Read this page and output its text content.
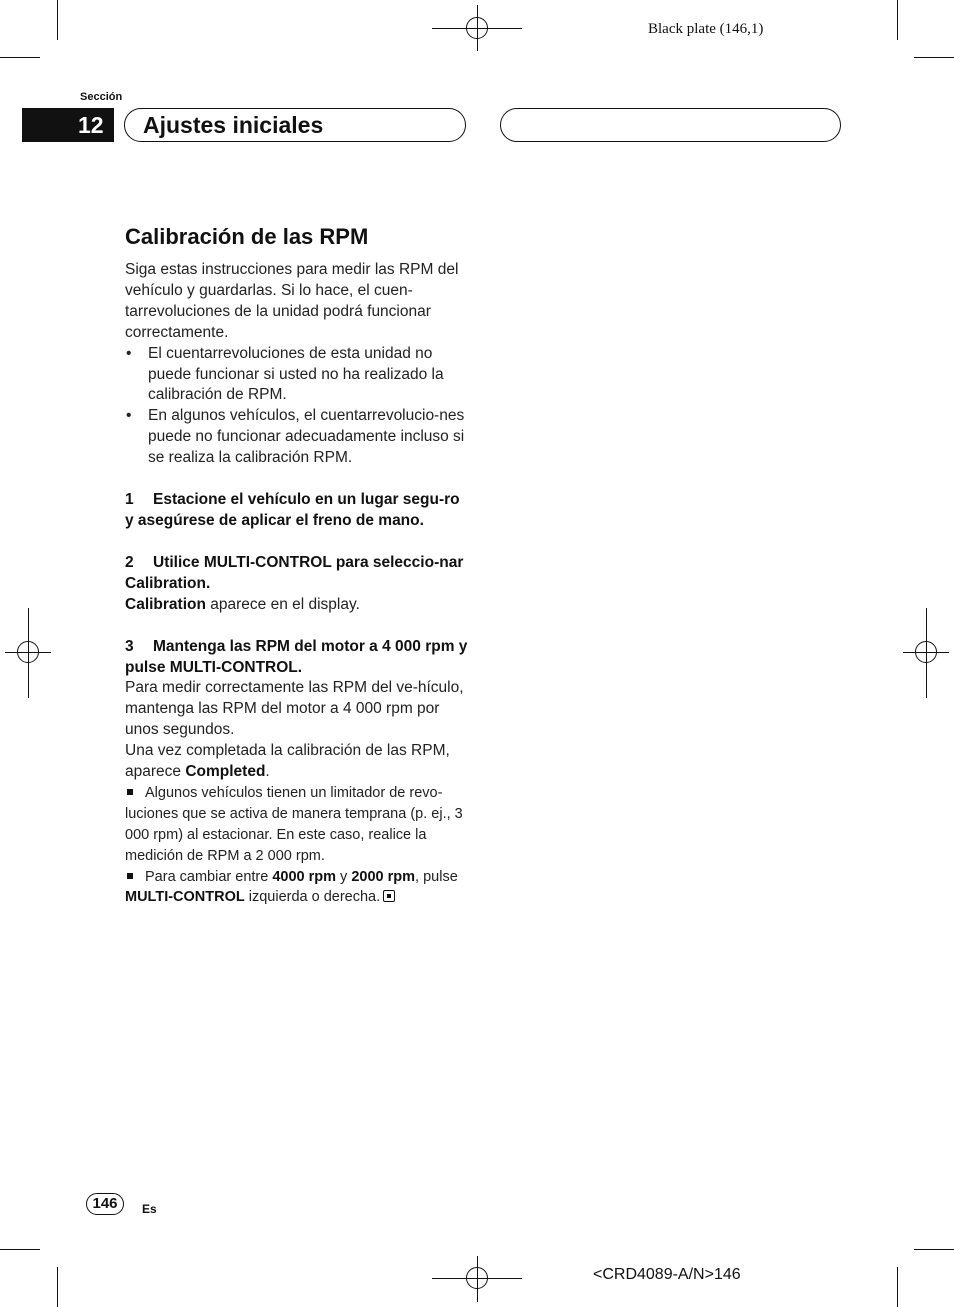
Black plate (146,1)
Sección
12	Ajustes iniciales
Calibración de las RPM

Siga estas instrucciones para medir las RPM del vehículo y guardarlas. Si lo hace, el cuen-tarrevoluciones de la unidad podrá funcionar correctamente.

• El cuentarrevoluciones de esta unidad no puede funcionar si usted no ha realizado la calibración de RPM.
• En algunos vehículos, el cuentarrevolucio-nes puede no funcionar adecuadamente incluso si se realiza la calibración RPM.

1 Estacione el vehículo en un lugar segu-ro y asegúrese de aplicar el freno de mano.

2 Utilice MULTI-CONTROL para seleccio-nar Calibration.

Calibration aparece en el display.

3 Mantenga las RPM del motor a 4 000 rpm y pulse MULTI-CONTROL.

Para medir correctamente las RPM del ve-hículo, mantenga las RPM del motor a 4 000 rpm por unos segundos.

Una vez completada la calibración de las RPM, aparece Completed.

Algunos vehículos tienen un limitador de revo-luciones que se activa de manera temprana (p. ej., 3 000 rpm) al estacionar. En este caso, realice la medición de RPM a 2 000 rpm.

Para cambiar entre 4000 rpm y 2000 rpm, pulse MULTI-CONTROL izquierda o derecha.

146	Es
<CRD4089-A/N>146
